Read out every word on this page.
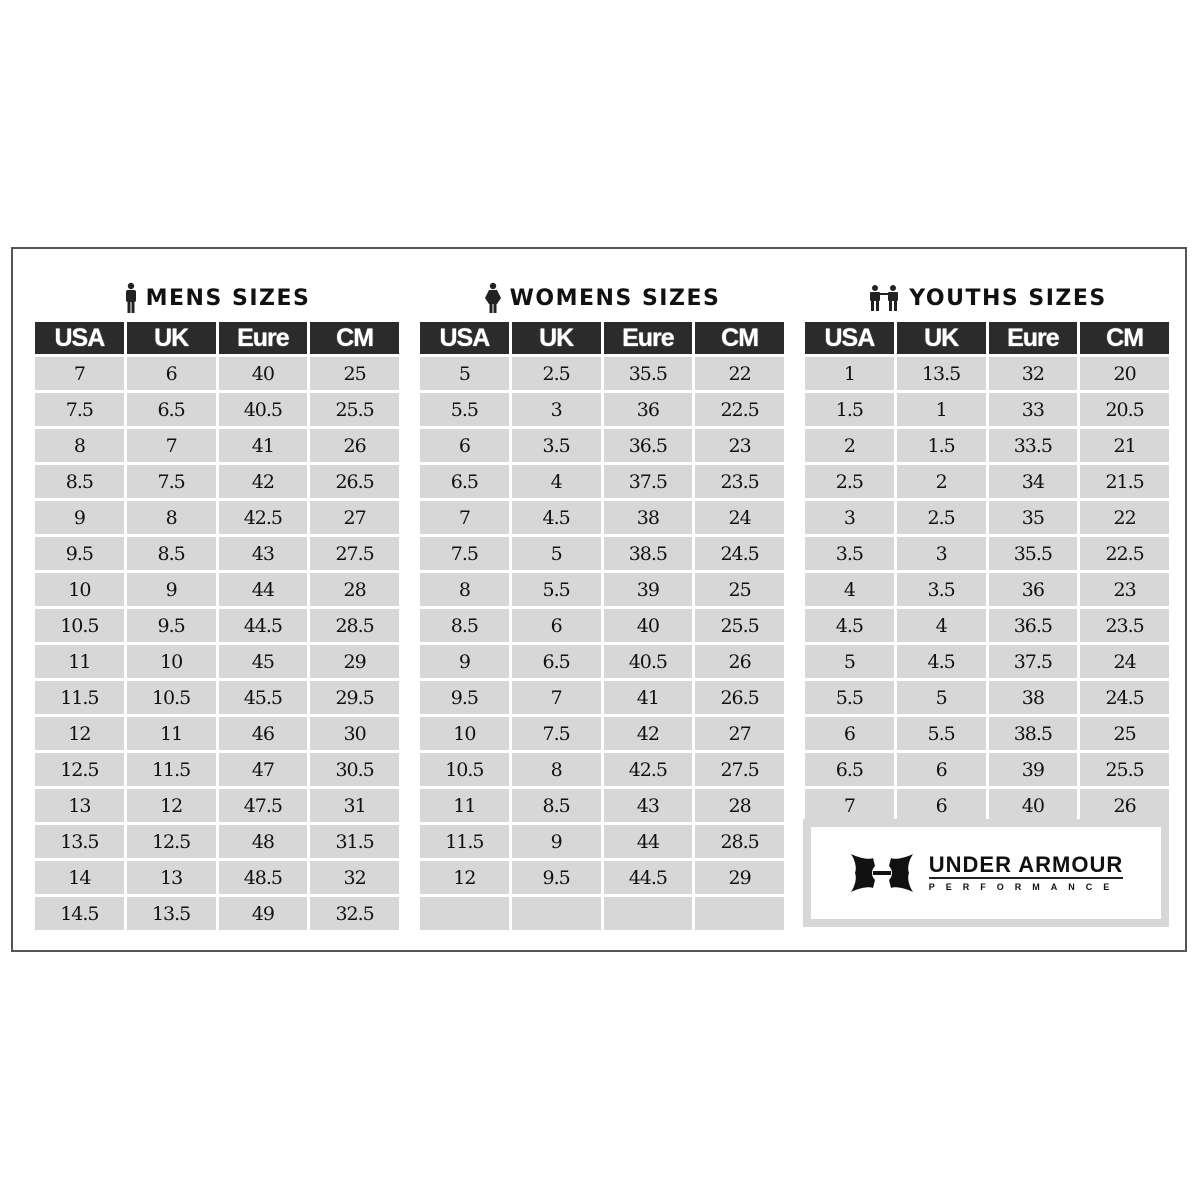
MENS SIZES
USA	UK	Eure	CM
7	6	40	25
7.5	6.5	40.5	25.5
8	7	41	26
8.5	7.5	42	26.5
9	8	42.5	27
9.5	8.5	43	27.5
10	9	44	28
10.5	9.5	44.5	28.5
11	10	45	29
11.5	10.5	45.5	29.5
12	11	46	30
12.5	11.5	47	30.5
13	12	47.5	31
13.5	12.5	48	31.5
14	13	48.5	32
14.5	13.5	49	32.5
WOMENS SIZES
USA	UK	Eure	CM
5	2.5	35.5	22
5.5	3	36	22.5
6	3.5	36.5	23
6.5	4	37.5	23.5
7	4.5	38	24
7.5	5	38.5	24.5
8	5.5	39	25
8.5	6	40	25.5
9	6.5	40.5	26
9.5	7	41	26.5
10	7.5	42	27
10.5	8	42.5	27.5
11	8.5	43	28
11.5	9	44	28.5
12	9.5	44.5	29

YOUTHS SIZES
USA	UK	Eure	CM
1	13.5	32	20
1.5	1	33	20.5
2	1.5	33.5	21
2.5	2	34	21.5
3	2.5	35	22
3.5	3	35.5	22.5
4	3.5	36	23
4.5	4	36.5	23.5
5	4.5	37.5	24
5.5	5	38	24.5
6	5.5	38.5	25
6.5	6	39	25.5
7	6	40	26
UNDER ARMOUR
PERFORMANCE
